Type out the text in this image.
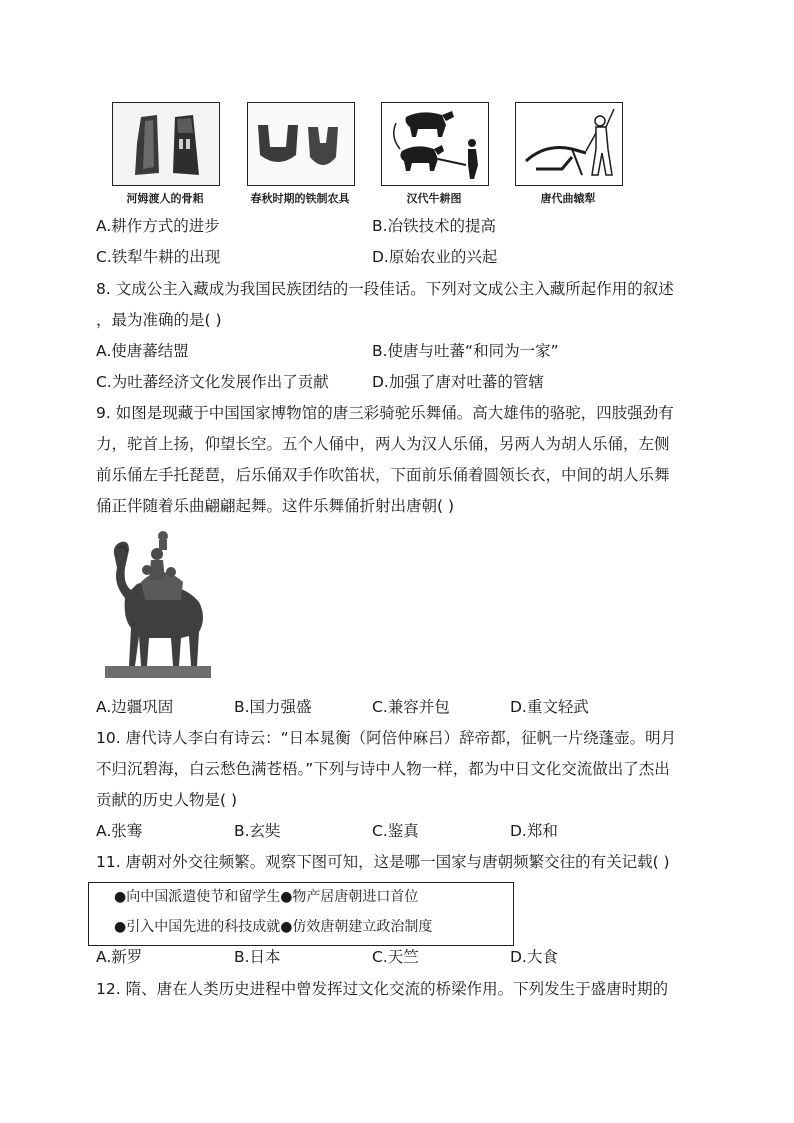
河姆渡人的骨耜	春秋时期的铁制农具	汉代牛耕图	唐代曲辕犁
A.耕作方式的进步	B.冶铁技术的提高
C.铁犁牛耕的出现	D.原始农业的兴起
8. 文成公主入藏成为我国民族团结的一段佳话。下列对文成公主入藏所起作用的叙述
，最为准确的是( )
A.使唐蕃结盟	B.使唐与吐蕃“和同为一家”
C.为吐蕃经济文化发展作出了贡献	D.加强了唐对吐蕃的管辖
9. 如图是现藏于中国国家博物馆的唐三彩骑驼乐舞俑。高大雄伟的骆驼，四肢强劲有
力，驼首上扬，仰望长空。五个人俑中，两人为汉人乐俑，另两人为胡人乐俑，左侧
前乐俑左手托琵琶，后乐俑双手作吹笛状，下面前乐俑着圆领长衣，中间的胡人乐舞
俑正伴随着乐曲翩翩起舞。这件乐舞俑折射出唐朝( )
A.边疆巩固	B.国力强盛	C.兼容并包	D.重文轻武
10. 唐代诗人李白有诗云：“日本晁衡（阿倍仲麻吕）辞帝都，征帆一片绕蓬壶。明月
不归沉碧海，白云愁色满苍梧。”下列与诗中人物一样，都为中日文化交流做出了杰出
贡献的历史人物是( )
A.张骞	B.玄奘	C.鉴真	D.郑和
11. 唐朝对外交往频繁。观察下图可知，这是哪一国家与唐朝频繁交往的有关记载( )
●向中国派遣使节和留学生●物产居唐朝进口首位
●引入中国先进的科技成就●仿效唐朝建立政治制度
A.新罗	B.日本	C.天竺	D.大食
12. 隋、唐在人类历史进程中曾发挥过文化交流的桥梁作用。下列发生于盛唐时期的
